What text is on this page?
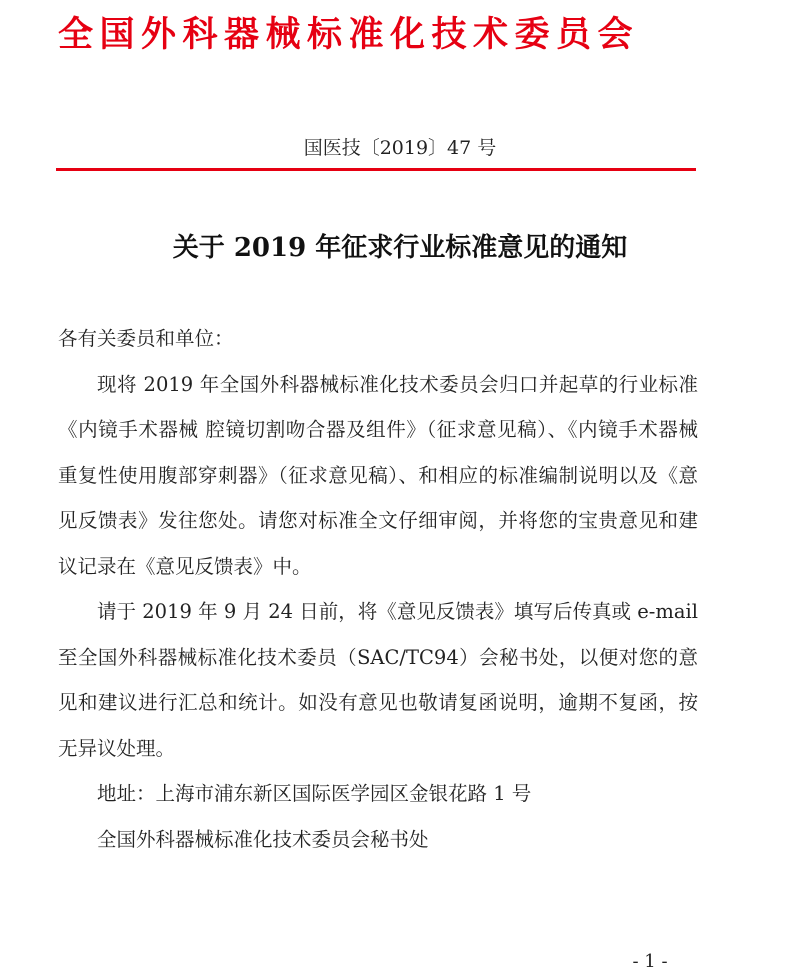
全国外科器械标准化技术委员会
国医技〔2019〕47 号
关于 2019 年征求行业标准意见的通知

各有关委员和单位：

现将 2019 年全国外科器械标准化技术委员会归口并起草的行业标准《内镜手术器械 腔镜切割吻合器及组件》（征求意见稿）、《内镜手术器械 重复性使用腹部穿刺器》（征求意见稿）、和相应的标准编制说明以及《意见反馈表》发往您处。请您对标准全文仔细审阅，并将您的宝贵意见和建议记录在《意见反馈表》中。

请于 2019 年 9 月 24 日前，将《意见反馈表》填写后传真或 e-mail 至全国外科器械标准化技术委员（SAC/TC94）会秘书处，以便对您的意见和建议进行汇总和统计。如没有意见也敬请复函说明，逾期不复函，按无异议处理。

地址：上海市浦东新区国际医学园区金银花路 1 号

全国外科器械标准化技术委员会秘书处

- 1 -
